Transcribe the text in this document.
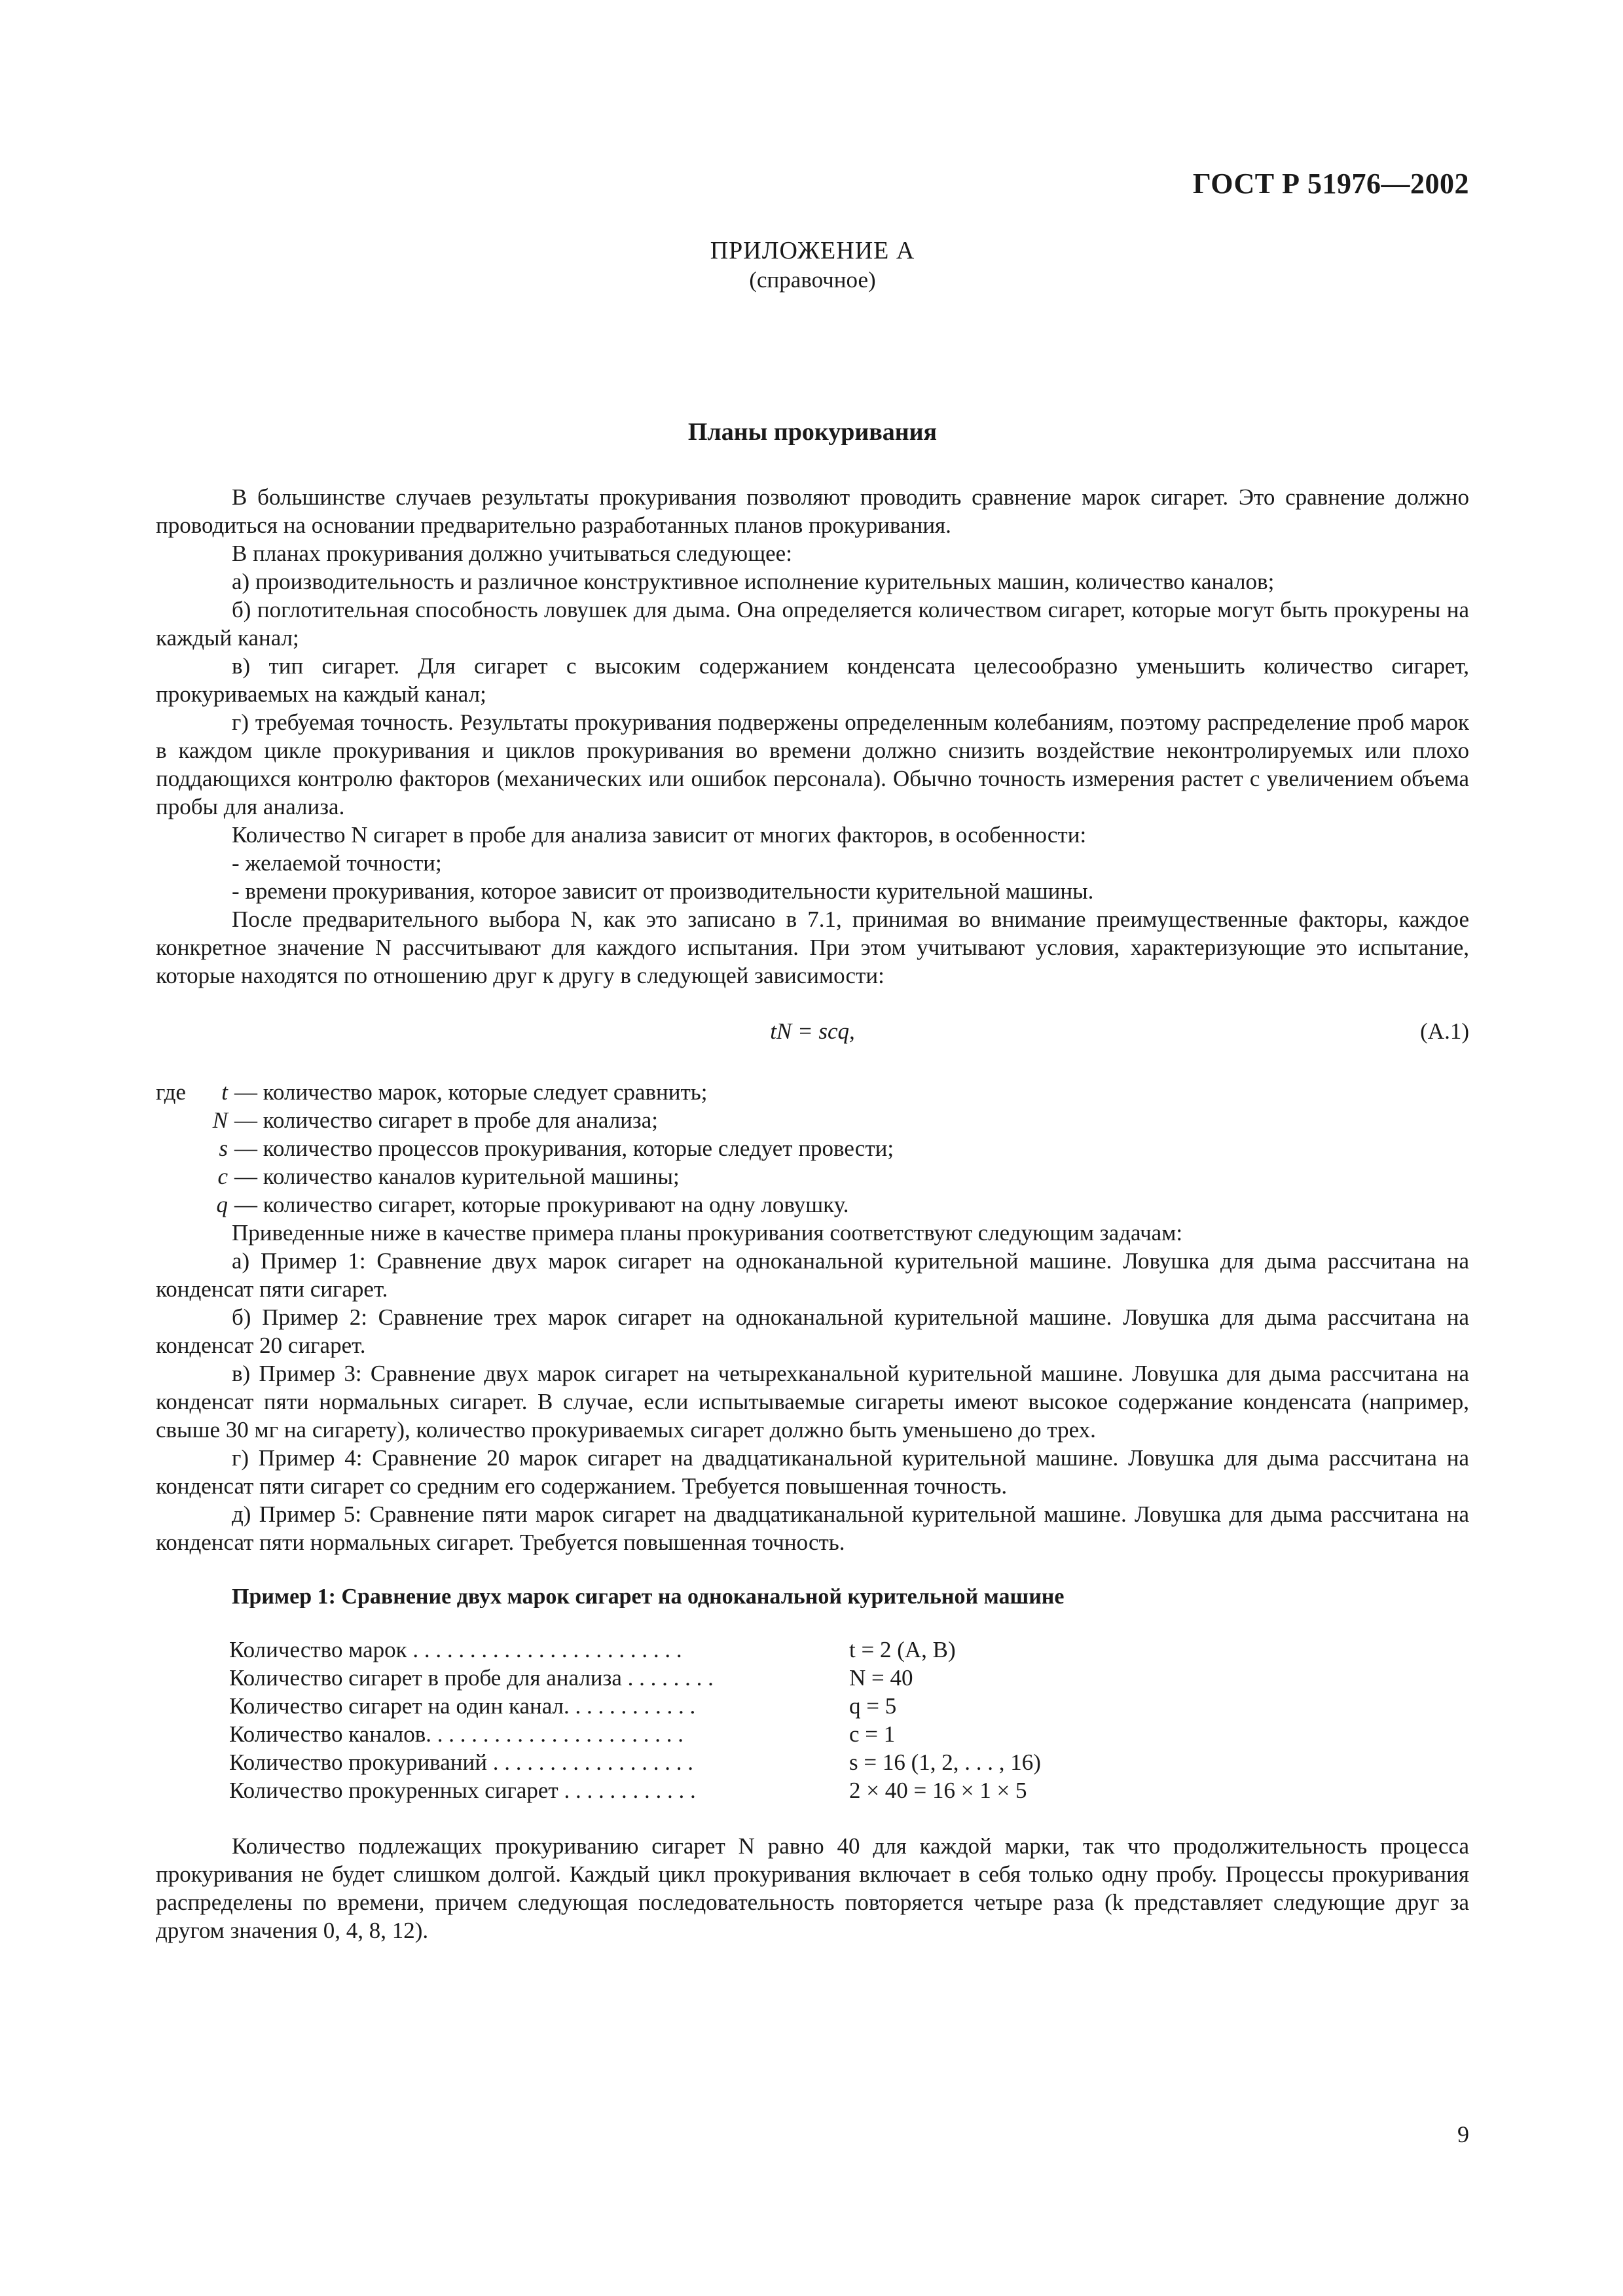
ГОСТ Р 51976—2002
ПРИЛОЖЕНИЕ А
(справочное)
Планы прокуривания

В большинстве случаев результаты прокуривания позволяют проводить сравнение марок сигарет. Это сравнение должно проводиться на основании предварительно разработанных планов прокуривания.

В планах прокуривания должно учитываться следующее:

а) производительность и различное конструктивное исполнение курительных машин, количество каналов;

б) поглотительная способность ловушек для дыма. Она определяется количеством сигарет, которые могут быть прокурены на каждый канал;

в) тип сигарет. Для сигарет с высоким содержанием конденсата целесообразно уменьшить количество сигарет, прокуриваемых на каждый канал;

г) требуемая точность. Результаты прокуривания подвержены определенным колебаниям, поэтому распределение проб марок в каждом цикле прокуривания и циклов прокуривания во времени должно снизить воздействие неконтролируемых или плохо поддающихся контролю факторов (механических или ошибок персонала). Обычно точность измерения растет с увеличением объема пробы для анализа.

Количество N сигарет в пробе для анализа зависит от многих факторов, в особенности:

- желаемой точности;

- времени прокуривания, которое зависит от производительности курительной машины.

После предварительного выбора N, как это записано в 7.1, принимая во внимание преимущественные факторы, каждое конкретное значение N рассчитывают для каждого испытания. При этом учитывают условия, характеризующие это испытание, которые находятся по отношению друг к другу в следующей зависимости:

tN = scq,	(А.1)
где	t — количество марок, которые следует сравнить;
N — количество сигарет в пробе для анализа;
s — количество процессов прокуривания, которые следует провести;
c — количество каналов курительной машины;
q — количество сигарет, которые прокуривают на одну ловушку.

Приведенные ниже в качестве примера планы прокуривания соответствуют следующим задачам:

а) Пример 1: Сравнение двух марок сигарет на одноканальной курительной машине. Ловушка для дыма рассчитана на конденсат пяти сигарет.

б) Пример 2: Сравнение трех марок сигарет на одноканальной курительной машине. Ловушка для дыма рассчитана на конденсат 20 сигарет.

в) Пример 3: Сравнение двух марок сигарет на четырехканальной курительной машине. Ловушка для дыма рассчитана на конденсат пяти нормальных сигарет. В случае, если испытываемые сигареты имеют высокое содержание конденсата (например, свыше 30 мг на сигарету), количество прокуриваемых сигарет должно быть уменьшено до трех.

г) Пример 4: Сравнение 20 марок сигарет на двадцатиканальной курительной машине. Ловушка для дыма рассчитана на конденсат пяти сигарет со средним его содержанием. Требуется повышенная точность.

д) Пример 5: Сравнение пяти марок сигарет на двадцатиканальной курительной машине. Ловушка для дыма рассчитана на конденсат пяти нормальных сигарет. Требуется повышенная точность.

Пример 1: Сравнение двух марок сигарет на одноканальной курительной машине
Количество марок . . . . . . . . . . . . . . . . . . . . . . . .	t = 2 (A, B)
Количество сигарет в пробе для анализа . . . . . . . .	N = 40
Количество сигарет на один канал. . . . . . . . . . . .	q = 5
Количество каналов. . . . . . . . . . . . . . . . . . . . . . .	c = 1
Количество прокуриваний . . . . . . . . . . . . . . . . . .	s = 16 (1, 2, . . . , 16)
Количество прокуренных сигарет . . . . . . . . . . . .	2 × 40 = 16 × 1 × 5

Количество подлежащих прокуриванию сигарет N равно 40 для каждой марки, так что продолжительность процесса прокуривания не будет слишком долгой. Каждый цикл прокуривания включает в себя только одну пробу. Процессы прокуривания распределены по времени, причем следующая последовательность повторяется четыре раза (k представляет следующие друг за другом значения 0, 4, 8, 12).

9
